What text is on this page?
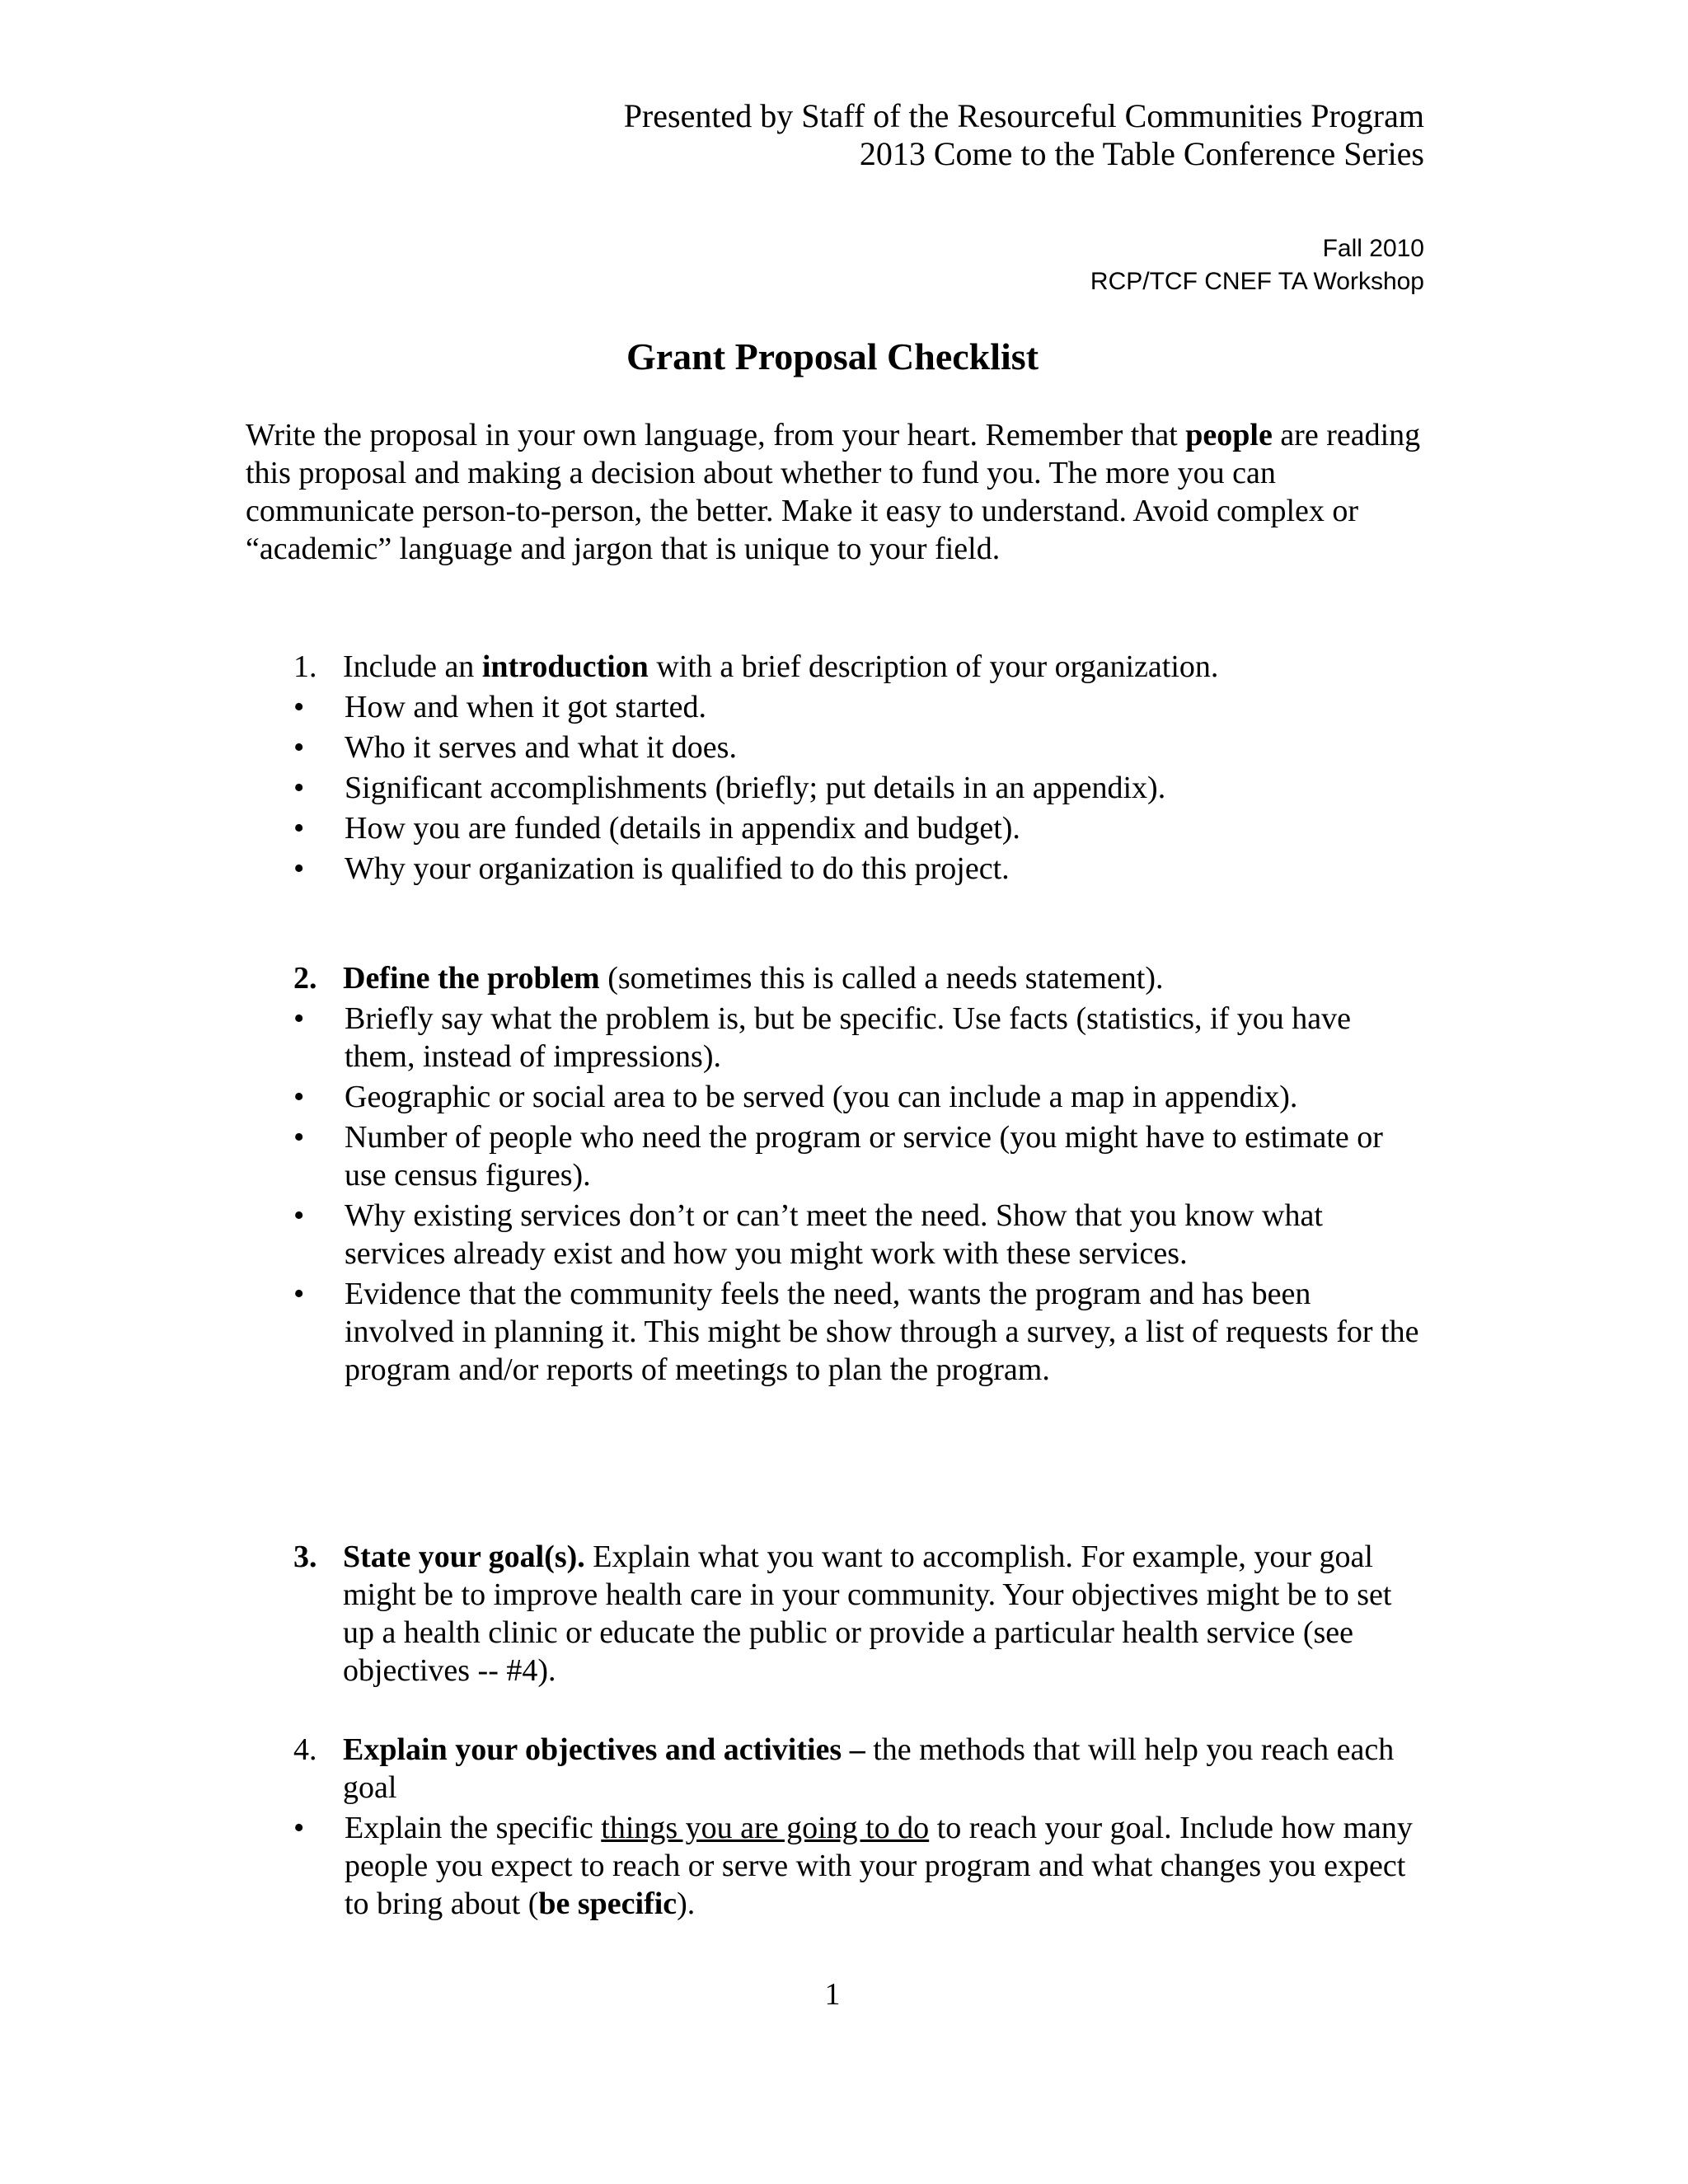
Presented by Staff of the Resourceful Communities Program
2013 Come to the Table Conference Series
Fall 2010
RCP/TCF CNEF TA Workshop
Grant Proposal Checklist

Write the proposal in your own language, from your heart. Remember that people are reading this proposal and making a decision about whether to fund you. The more you can communicate person-to-person, the better. Make it easy to understand. Avoid complex or “academic” language and jargon that is unique to your field.

1. Include an introduction with a brief description of your organization.
• How and when it got started.
• Who it serves and what it does.
• Significant accomplishments (briefly; put details in an appendix).
• How you are funded (details in appendix and budget).
• Why your organization is qualified to do this project.
2. Define the problem (sometimes this is called a needs statement).
• Briefly say what the problem is, but be specific. Use facts (statistics, if you have them, instead of impressions).
• Geographic or social area to be served (you can include a map in appendix).
• Number of people who need the program or service (you might have to estimate or use census figures).
• Why existing services don’t or can’t meet the need. Show that you know what services already exist and how you might work with these services.
• Evidence that the community feels the need, wants the program and has been involved in planning it. This might be show through a survey, a list of requests for the program and/or reports of meetings to plan the program.
3. State your goal(s). Explain what you want to accomplish. For example, your goal might be to improve health care in your community. Your objectives might be to set up a health clinic or educate the public or provide a particular health service (see objectives -- #4).
4. Explain your objectives and activities – the methods that will help you reach each goal
• Explain the specific things you are going to do to reach your goal. Include how many people you expect to reach or serve with your program and what changes you expect to bring about (be specific).
1
